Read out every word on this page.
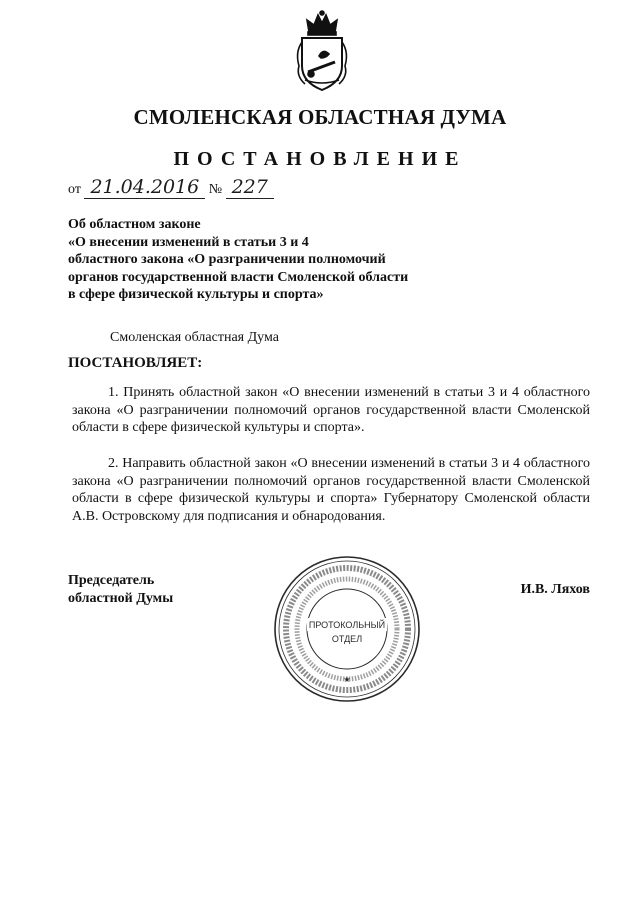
СМОЛЕНСКАЯ ОБЛАСТНАЯ ДУМА
ПОСТАНОВЛЕНИЕ
от 21.04.2016 № 227
Об областном законе
«О внесении изменений в статьи 3 и 4
областного закона «О разграничении полномочий
органов государственной власти Смоленской области
в сфере физической культуры и спорта»
Смоленская областная Дума
ПОСТАНОВЛЯЕТ:
1. Принять областной закон «О внесении изменений в статьи 3 и 4 областного закона «О разграничении полномочий органов государственной власти Смоленской области в сфере физической культуры и спорта».
2. Направить областной закон «О внесении изменений в статьи 3 и 4 областного закона «О разграничении полномочий органов государственной власти Смоленской области в сфере физической культуры и спорта» Губернатору Смоленской области А.В. Островскому для подписания и обнародования.
Председатель
областной Думы
И.В. Ляхов
ПРОТОКОЛЬНЫЙ
ОТДЕЛ
★
